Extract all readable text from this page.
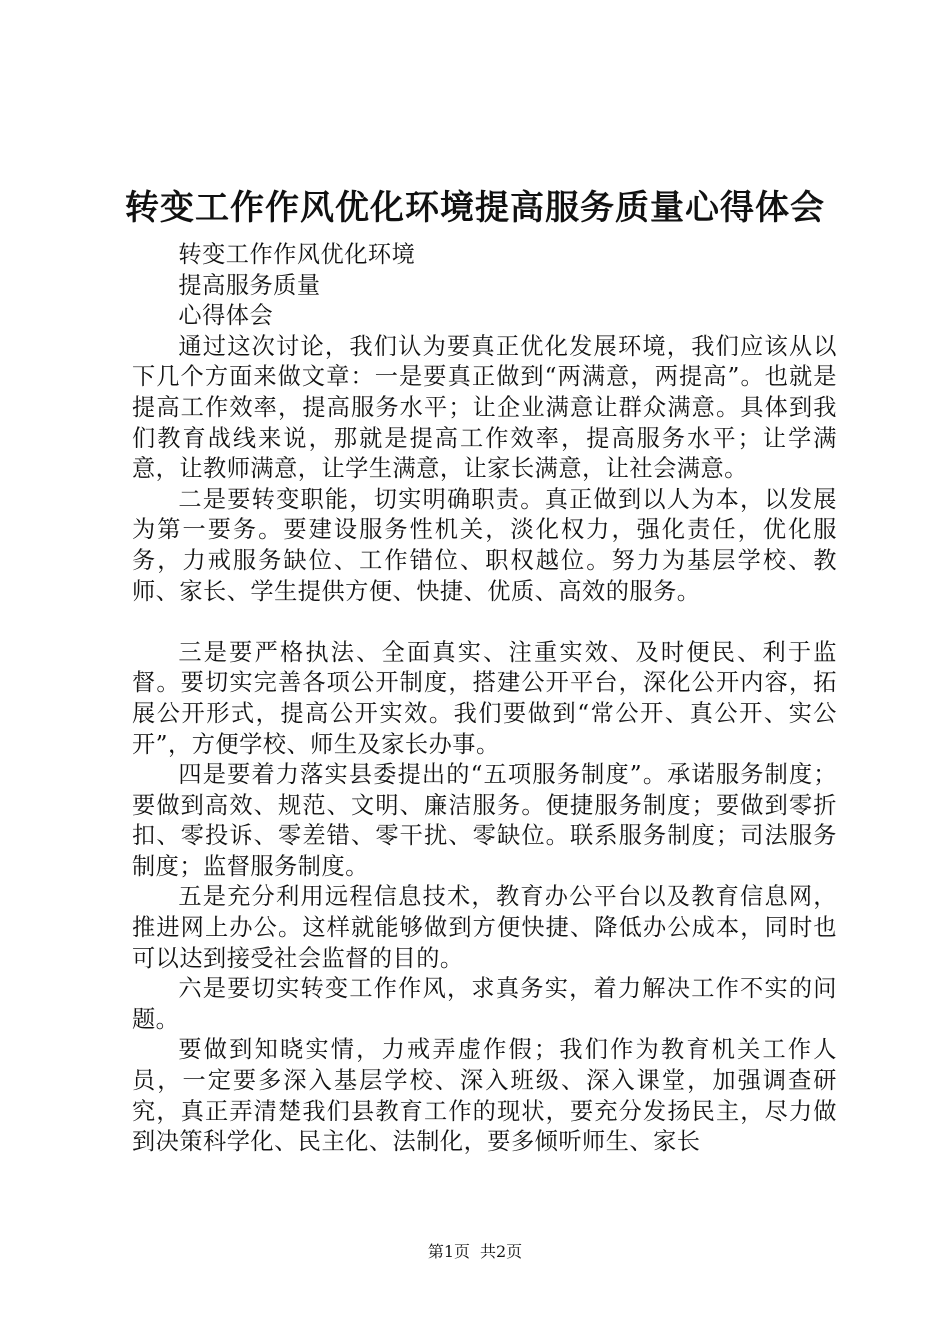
转变工作作风优化环境提高服务质量心得体会

转变工作作风优化环境

提高服务质量

心得体会

通过这次讨论，我们认为要真正优化发展环境，我们应该从以下几个方面来做文章：一是要真正做到“两满意，两提高”。也就是提高工作效率，提高服务水平；让企业满意让群众满意。具体到我们教育战线来说，那就是提高工作效率，提高服务水平；让学满意，让教师满意，让学生满意，让家长满意，让社会满意。

二是要转变职能，切实明确职责。真正做到以人为本，以发展为第一要务。要建设服务性机关，淡化权力，强化责任，优化服务，力戒服务缺位、工作错位、职权越位。努力为基层学校、教师、家长、学生提供方便、快捷、优质、高效的服务。

三是要严格执法、全面真实、注重实效、及时便民、利于监督。要切实完善各项公开制度，搭建公开平台，深化公开内容，拓展公开形式，提高公开实效。我们要做到“常公开、真公开、实公开”，方便学校、师生及家长办事。

四是要着力落实县委提出的“五项服务制度”。承诺服务制度；要做到高效、规范、文明、廉洁服务。便捷服务制度；要做到零折扣、零投诉、零差错、零干扰、零缺位。联系服务制度；司法服务制度；监督服务制度。

五是充分利用远程信息技术，教育办公平台以及教育信息网，推进网上办公。这样就能够做到方便快捷、降低办公成本，同时也可以达到接受社会监督的目的。

六是要切实转变工作作风，求真务实，着力解决工作不实的问题。

要做到知晓实情，力戒弄虚作假；我们作为教育机关工作人员，一定要多深入基层学校、深入班级、深入课堂，加强调查研究，真正弄清楚我们县教育工作的现状，要充分发扬民主，尽力做到决策科学化、民主化、法制化，要多倾听师生、家长

第1页 共2页
